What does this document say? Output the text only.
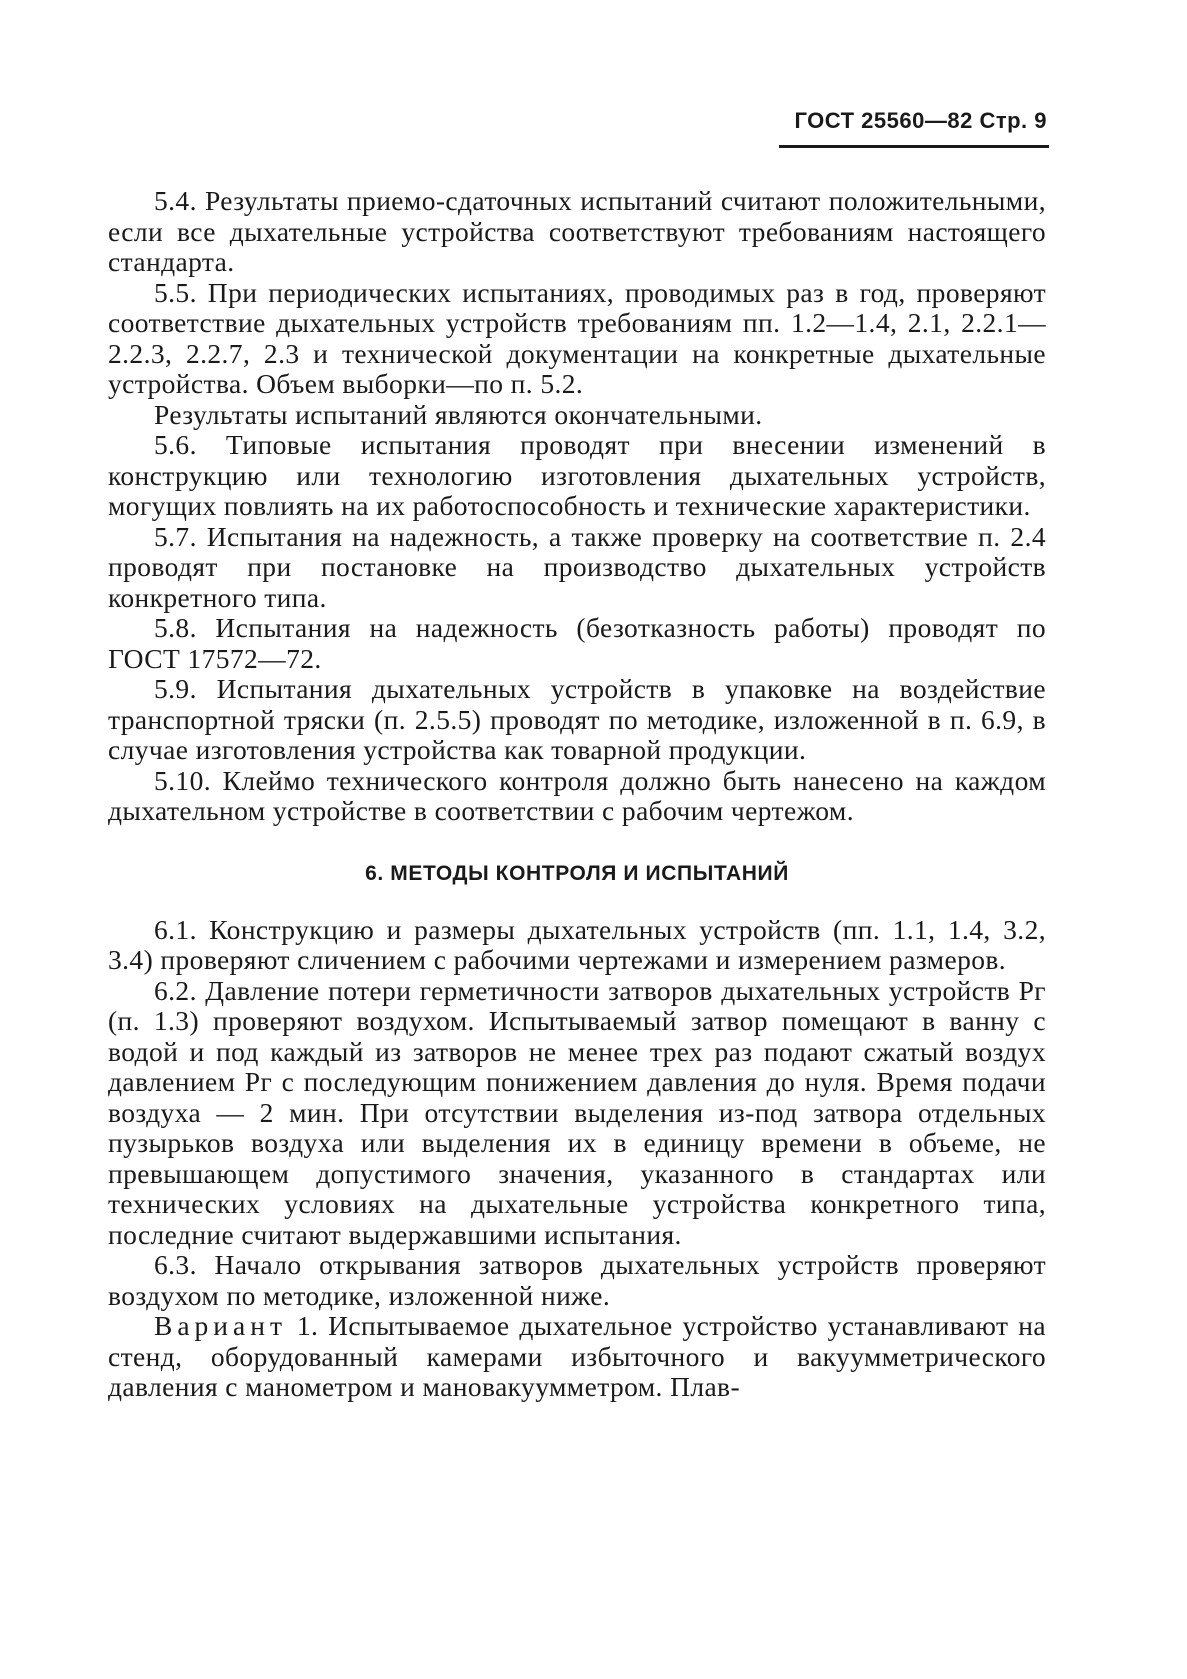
ГОСТ 25560—82 Стр. 9

5.4. Результаты приемо-сдаточных испытаний считают положительными, если все дыхательные устройства соответствуют требованиям настоящего стандарта.

5.5. При периодических испытаниях, проводимых раз в год, проверяют соответствие дыхательных устройств требованиям пп. 1.2—1.4, 2.1, 2.2.1—2.2.3, 2.2.7, 2.3 и технической документации на конкретные дыхательные устройства. Объем выборки—по п. 5.2.

Результаты испытаний являются окончательными.

5.6. Типовые испытания проводят при внесении изменений в конструкцию или технологию изготовления дыхательных устройств, могущих повлиять на их работоспособность и технические характеристики.

5.7. Испытания на надежность, а также проверку на соответствие п. 2.4 проводят при постановке на производство дыхательных устройств конкретного типа.

5.8. Испытания на надежность (безотказность работы) проводят по ГОСТ 17572—72.

5.9. Испытания дыхательных устройств в упаковке на воздействие транспортной тряски (п. 2.5.5) проводят по методике, изложенной в п. 6.9, в случае изготовления устройства как товарной продукции.

5.10. Клеймо технического контроля должно быть нанесено на каждом дыхательном устройстве в соответствии с рабочим чертежом.

6. МЕТОДЫ КОНТРОЛЯ И ИСПЫТАНИЙ

6.1. Конструкцию и размеры дыхательных устройств (пп. 1.1, 1.4, 3.2, 3.4) проверяют сличением с рабочими чертежами и измерением размеров.

6.2. Давление потери герметичности затворов дыхательных устройств Pг (п. 1.3) проверяют воздухом. Испытываемый затвор помещают в ванну с водой и под каждый из затворов не менее трех раз подают сжатый воздух давлением Pг с последующим понижением давления до нуля. Время подачи воздуха — 2 мин. При отсутствии выделения из-под затвора отдельных пузырьков воздуха или выделения их в единицу времени в объеме, не превышающем допустимого значения, указанного в стандартах или технических условиях на дыхательные устройства конкретного типа, последние считают выдержавшими испытания.

6.3. Начало открывания затворов дыхательных устройств проверяют воздухом по методике, изложенной ниже.

Вариант 1. Испытываемое дыхательное устройство устанавливают на стенд, оборудованный камерами избыточного и вакуумметрического давления с манометром и мановакуумметром. Плав-
